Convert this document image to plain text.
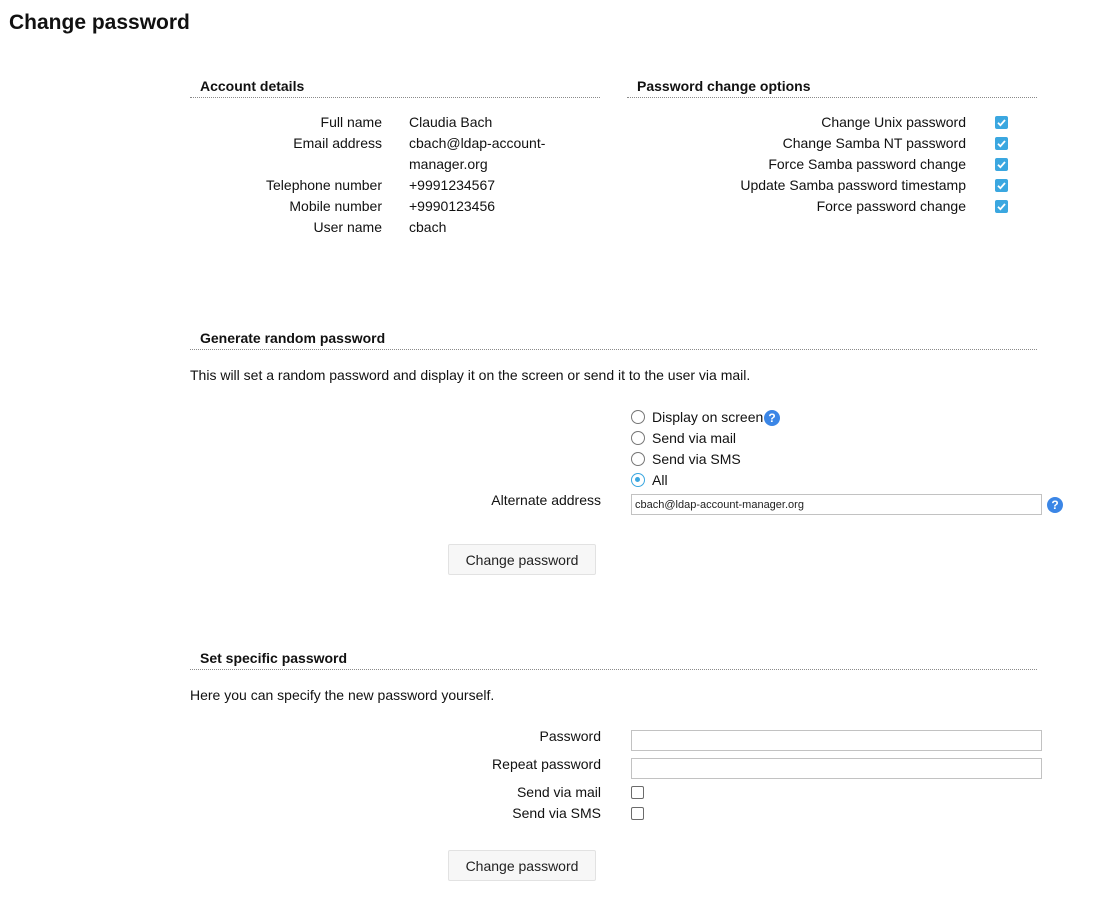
Change password
Account details
Full name Claudia Bach
Email address cbach@ldap-account-manager.org
Telephone number +9991234567
Mobile number +9990123456
User name cbach
Password change options
Change Unix password
Change Samba NT password
Force Samba password change
Update Samba password timestamp
Force password change
Generate random password
This will set a random password and display it on the screen or send it to the user via mail.
Display on screen ?
Send via mail
Send via SMS
All
Alternate address
cbach@ldap-account-manager.org	?
Change password
Set specific password
Here you can specify the new password yourself.
Password
Repeat password
Send via mail
Send via SMS
Change password
